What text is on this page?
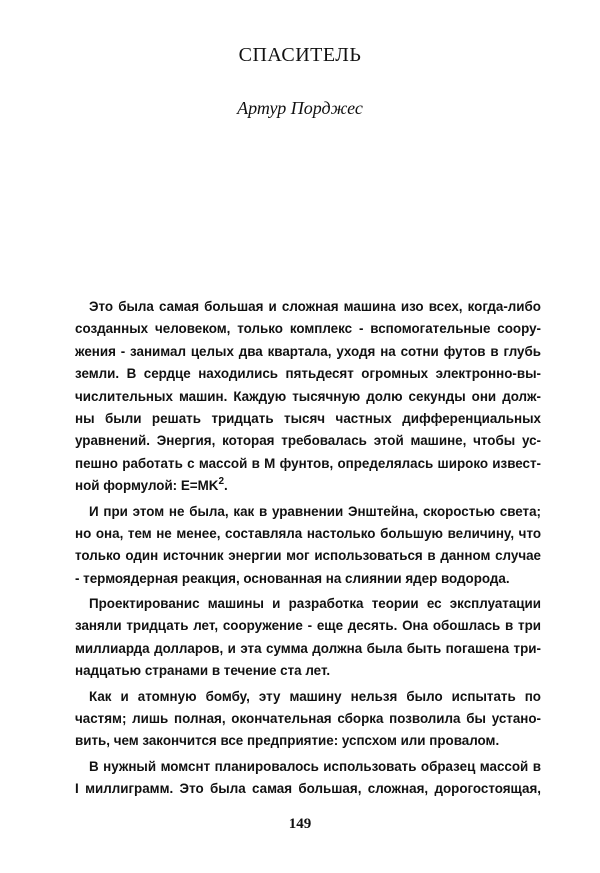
СПАСИТЕЛЬ
Артур Порджес
Это была самая большая и сложная машина изо всех, когда-либо
созданных человеком, только комплекс - вспомогательные соору-
жения - занимал целых два квартала, уходя на сотни футов в глубь
земли. В сердце находились пятьдесят огромных электронно-вы-
числительных машин. Каждую тысячную долю секунды они долж-
ны были решать тридцать тысяч частных дифференциальных
уравнений. Энергия, которая требовалась этой машине, чтобы ус-
пешно работать с массой в М фунтов, определялась широко извест-
ной формулой: $E=MK^2$.
И при этом не была, как в уравнении Энштейна, скоростью света;
но она, тем не менее, составляла настолько большую величину, что
только один источник энергии мог использоваться в данном случае
- термоядерная реакция, основанная на слиянии ядер водорода.
Проектированис машины и разработка теории ес эксплуатации
заняли тридцать лет, сооружение - еще десять. Она обошлась в три
миллиарда долларов, и эта сумма должна была быть погашена три-
надцатью странами в течение ста лет.
Как и атомную бомбу, эту машину нельзя было испытать по
частям; лишь полная, окончательная сборка позволила бы устано-
вить, чем закончится все предприятие: успсхом или провалом.
В нужный момснт планировалось использовать образец массой в
I миллиграмм. Это была самая большая, сложная, дорогостоящая,
149
